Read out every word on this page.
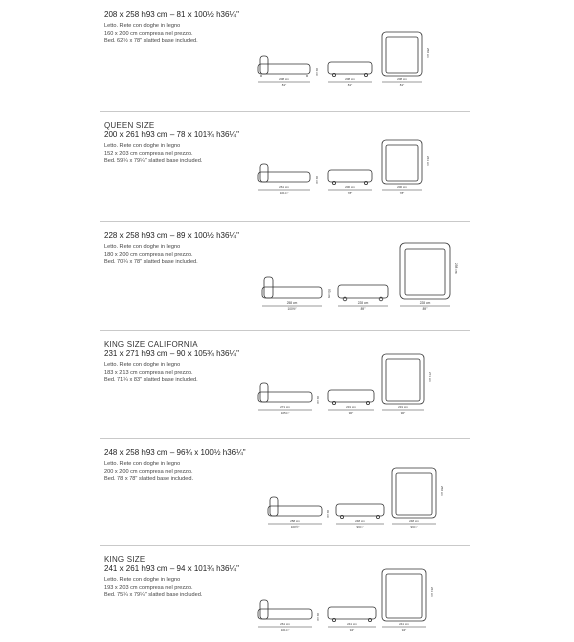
208 x 258 h93 cm – 81 x 100½ h36¼"
Letto. Rete con doghe in legno
160 x 200 cm compresa nel prezzo.
Bed. 62½ x 78" slatted base included.
208 cm
81"
93 cm
208 cm
81"
208 cm
81"
258 cm
QUEEN SIZE
200 x 261 h93 cm – 78 x 101¾ h36¼"
Letto. Rete con doghe in legno
152 x 203 cm compresa nel prezzo.
Bed. 59¼ x 79¼" slatted base included.
261 cm
101¾"
93 cm
200 cm
78"
200 cm
78"
261 cm
228 x 258 h93 cm – 89 x 100½ h36¼"
Letto. Rete con doghe in legno
180 x 200 cm compresa nel prezzo.
Bed. 70¼ x 78" slatted base included.
258 cm
100½"
93 cm
228 cm
89"
228 cm
89"
258 cm
KING SIZE CALIFORNIA
231 x 271 h93 cm – 90 x 105¾ h36¼"
Letto. Rete con doghe in legno
183 x 213 cm compresa nel prezzo.
Bed. 71¼ x 83" slatted base included.
271 cm
105¾"
93 cm
231 cm
90"
231 cm
90"
271 cm
248 x 258 h93 cm – 96¾ x 100½ h36¼"
Letto. Rete con doghe in legno
200 x 200 cm compresa nel prezzo.
Bed. 78 x 78" slatted base included.
258 cm
100½"
93 cm
248 cm
96¾"
248 cm
96¾"
258 cm
KING SIZE
241 x 261 h93 cm – 94 x 101¾ h36¼"
Letto. Rete con doghe in legno
193 x 203 cm compresa nel prezzo.
Bed. 75¼ x 79¼" slatted base included.
261 cm
101¾"
93 cm
241 cm
94"
241 cm
94"
261 cm
